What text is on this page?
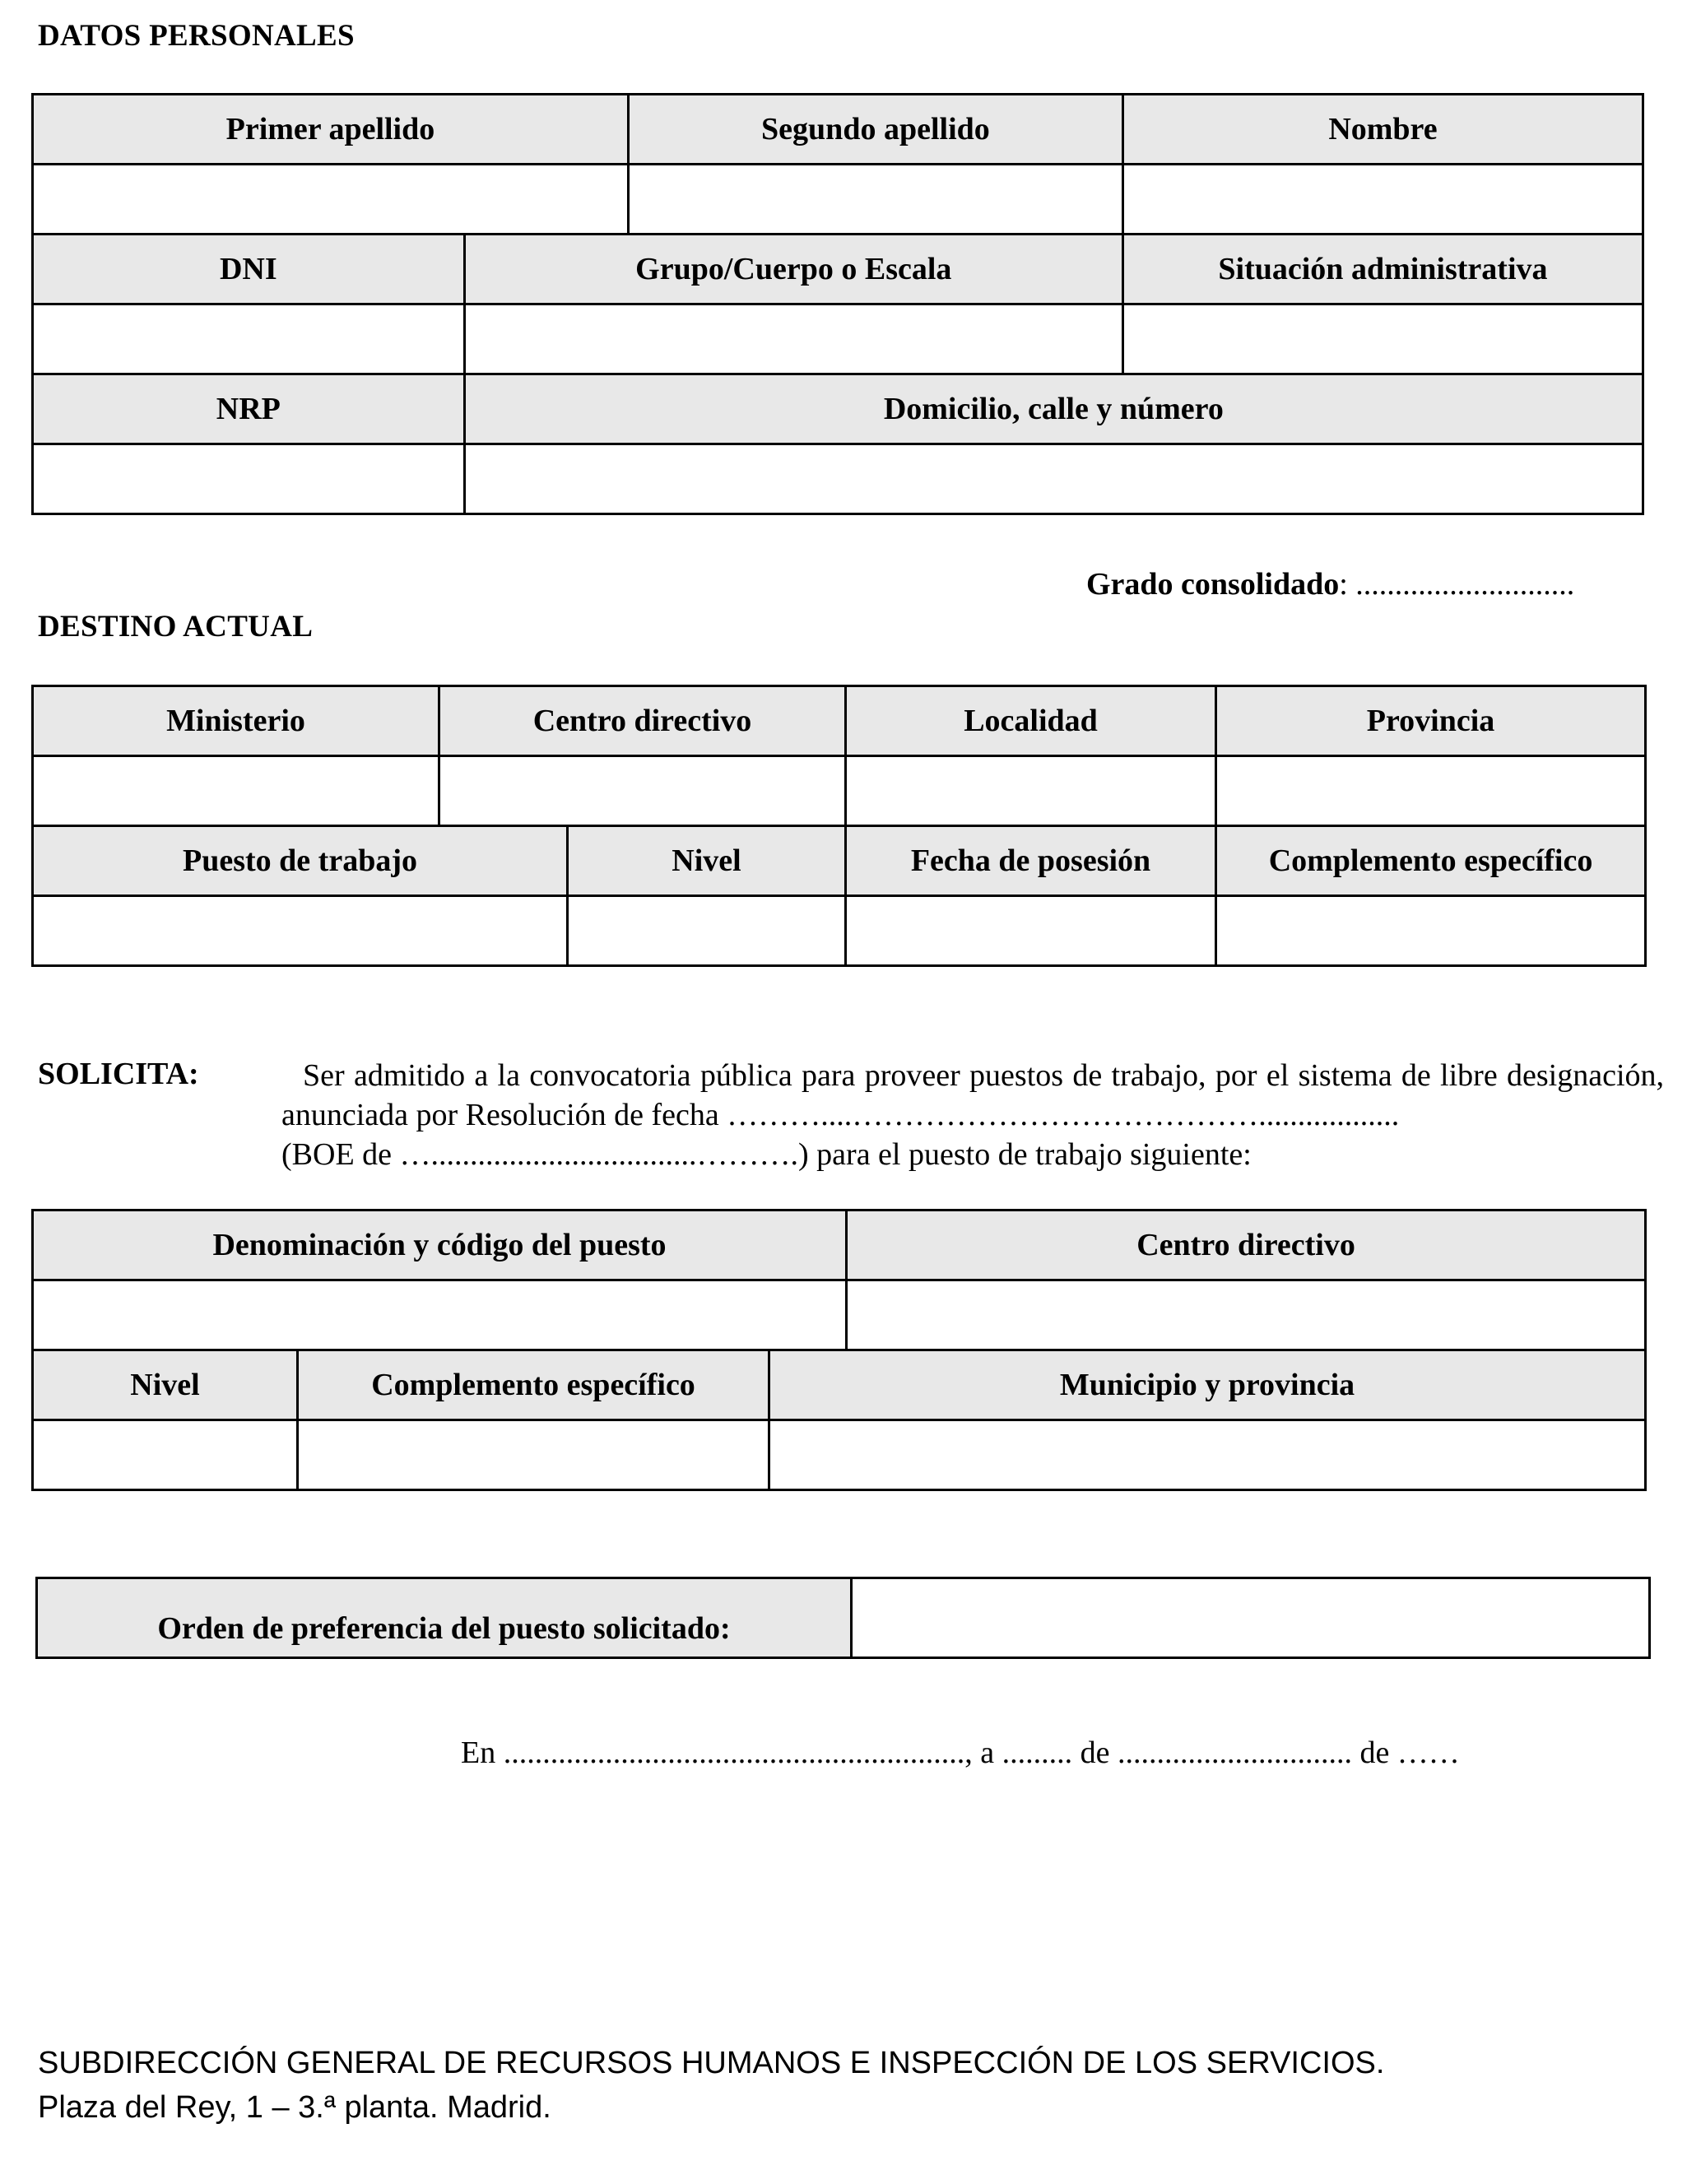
DATOS PERSONALES
Primer apellido		Segundo apellido	Nombre

DNI	Grupo/Cuerpo o Escala		Situación administrativa

NRP	Domicilio, calle y número		

Grado consolidado: ............................
DESTINO ACTUAL
Ministerio	Centro directivo		Localidad	Provincia

Puesto de trabajo		Nivel	Fecha de posesión	Complemento específico

SOLICITA:	Ser admitido a la convocatoria pública para proveer puestos de trabajo, por el sistema de libre designación, anunciada por Resolución de fecha ………....…………………………………..................
(BOE de …..................................……….) para el puesto de trabajo siguiente:
Denominación y código del puesto			Centro directivo

Nivel	Complemento específico	Municipio y provincia	

Orden de preferencia del puesto solicitado:	
En ..........................................................., a ......... de .............................. de ……
SUBDIRECCIÓN GENERAL DE RECURSOS HUMANOS E INSPECCIÓN DE LOS SERVICIOS.
Plaza del Rey, 1 – 3.ª planta. Madrid.
